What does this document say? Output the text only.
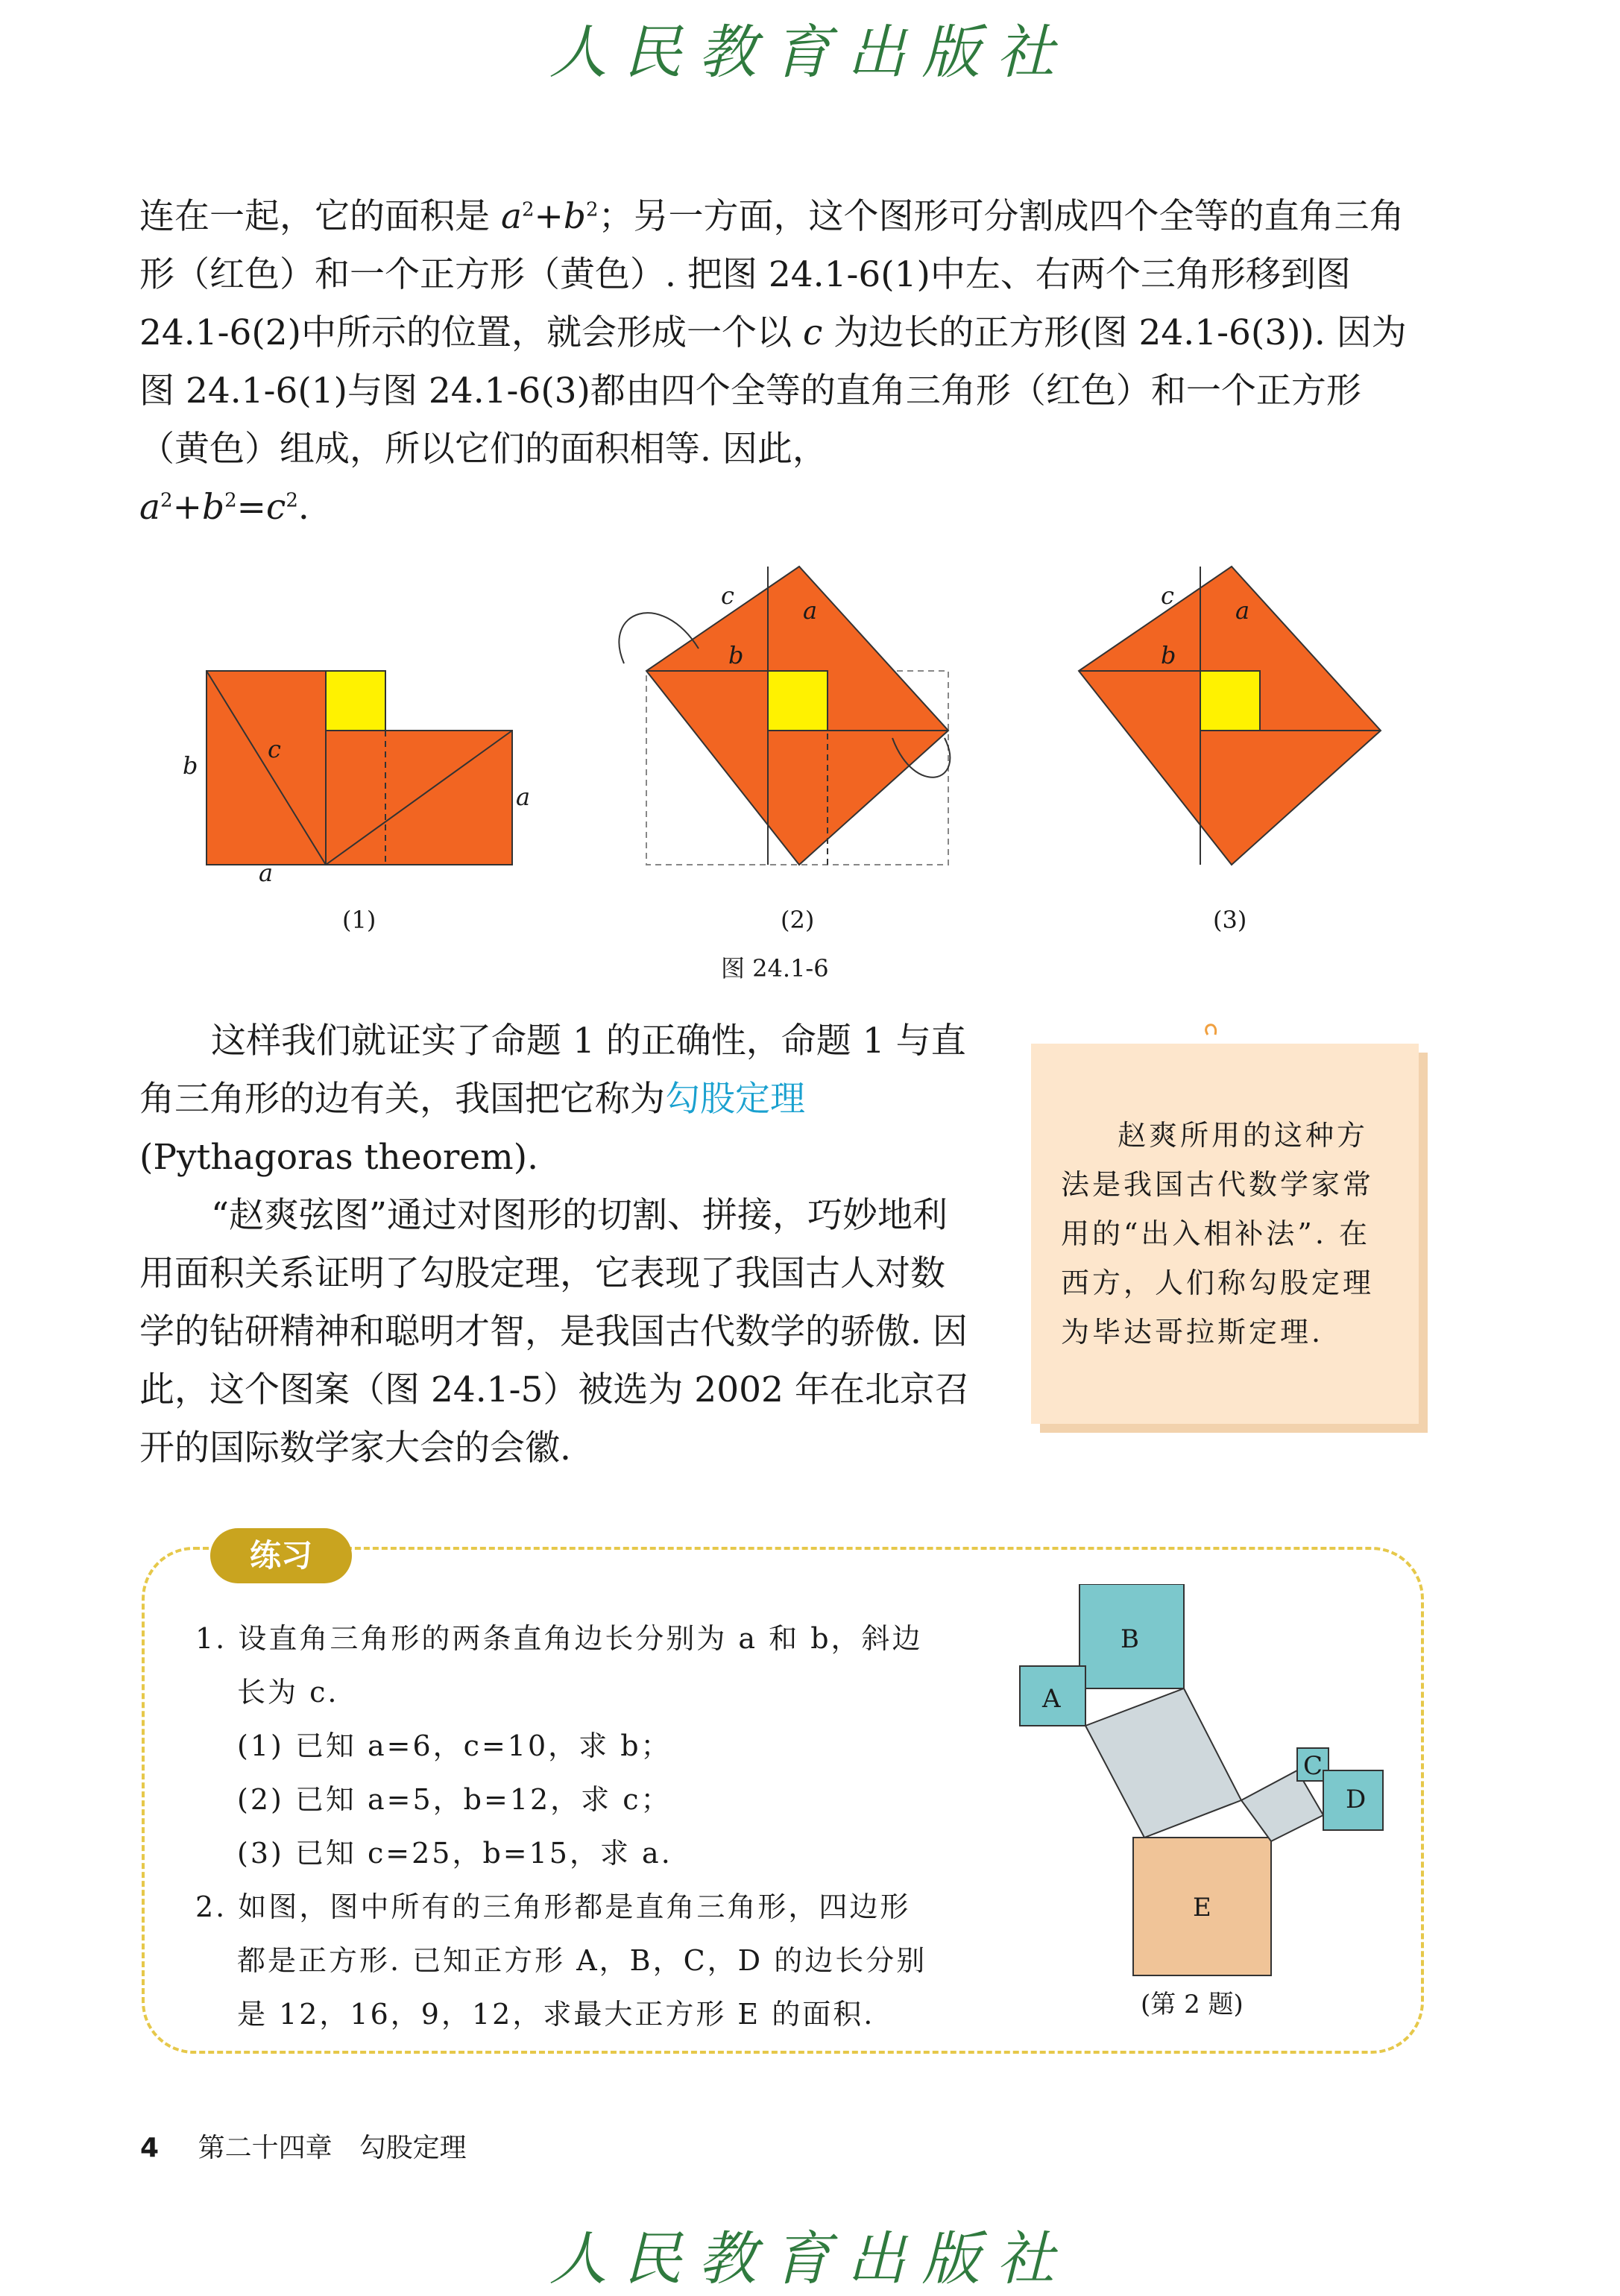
人民教育出版社

连在一起，它的面积是 $a^2+b^2$；另一方面，这个图形可分割成四个全等的直角三角形（红色）和一个正方形（黄色）. 把图 24.1-6(1)中左、右两个三角形移到图 24.1-6(2)中所示的位置，就会形成一个以 c 为边长的正方形(图 24.1-6(3)). 因为图 24.1-6(1)与图 24.1-6(3)都由四个全等的直角三角形（红色）和一个正方形（黄色）组成，所以它们的面积相等. 因此，
$a^2+b^2=c^2$.

b
c
a
a
(1)
c
a
b
(2)
c
a
b
(3)
图 24.1-6

这样我们就证实了命题 1 的正确性，命题 1 与直角三角形的边有关，我国把它称为勾股定理
(Pythagoras theorem).

“赵爽弦图”通过对图形的切割、拼接，巧妙地利用面积关系证明了勾股定理，它表现了我国古人对数学的钻研精神和聪明才智，是我国古代数学的骄傲. 因此，这个图案（图 24.1-5）被选为 2002 年在北京召开的国际数学家大会的会徽.

赵爽所用的这种方法是我国古代数学家常用的“出入相补法”. 在西方，人们称勾股定理为毕达哥拉斯定理.

练习

1. 设直角三角形的两条直角边长分别为 a 和 b，斜边

长为 c.

(1) 已知 a=6，c=10，求 b；

(2) 已知 a=5，b=12，求 c；

(3) 已知 c=25，b=15，求 a.

2. 如图，图中所有的三角形都是直角三角形，四边形

都是正方形. 已知正方形 A，B，C，D 的边长分别

是 12，16，9，12，求最大正方形 E 的面积.

B
A
C
D
E
(第 2 题)
4 第二十四章　勾股定理
人民教育出版社
